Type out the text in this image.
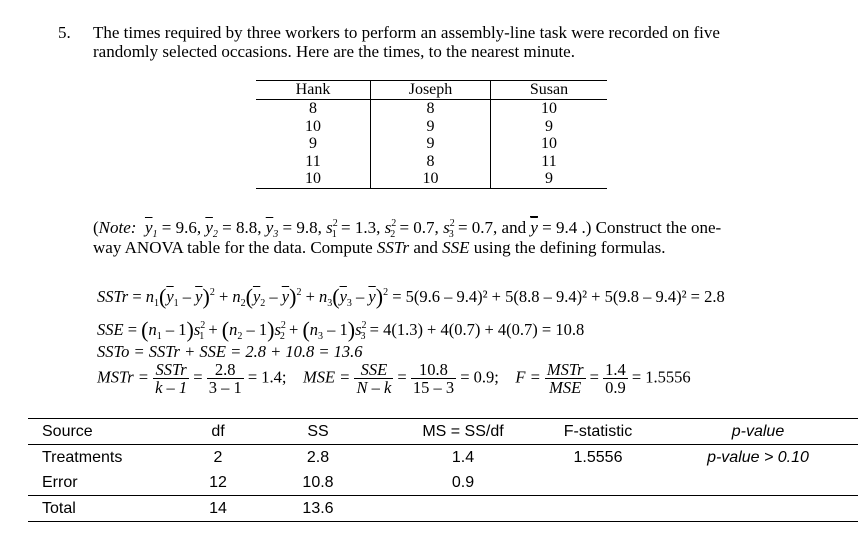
5. The times required by three workers to perform an assembly-line task were recorded on five
randomly selected occasions. Here are the times, to the nearest minute.
Hank	Joseph	Susan
8	8	10
10	9	9
9	9	10
11	8	11
10	10	9
(Note: $\overline{y}_1 = 9.6$, $\overline{y}_2 = 8.8$, $\overline{y}_3 = 9.8$, $s^2_1 = 1.3$, $s^2_2 = 0.7$, $s^2_3 = 0.7$, and $\overline{y} = 9.4$ .) Construct the one-
way ANOVA table for the data. Compute SSTr and SSE using the defining formulas.
SSTr = $n_1(\overline{y}_1 - \overline{y})^2 + n_2(\overline{y}_2 - \overline{y})^2 + n_3(\overline{y}_3 - \overline{y})^2 = 5(9.6 - 9.4)^2 + 5(8.8 - 9.4)^2 + 5(9.8 - 9.4)^2 = 2.8$
SSE = $(n_1 - 1)s^2_1 + (n_2 - 1)s^2_2 + (n_3 - 1)s^2_3 = 4(1.3) + 4(0.7) + 4(0.7) = 10.8$
SSTo = SSTr + SSE = 2.8 + 10.8 = 13.6
MSTr = $\frac{\text{SSTr}}{k - 1} = \frac{2.8}{3 - 1} = 1.4$; MSE = $\frac{\text{SSE}}{N - k} = \frac{10.8}{15 - 3} = 0.9$; $F = \frac{\text{MSTr}}{\text{MSE}} = \frac{1.4}{0.9} = 1.5556$
Source	df	SS	MS = SS/df	F-statistic	p-value
Treatments	2	2.8	1.4	1.5556	p-value > 0.10
Error	12	10.8	0.9		
Total	14	13.6			
